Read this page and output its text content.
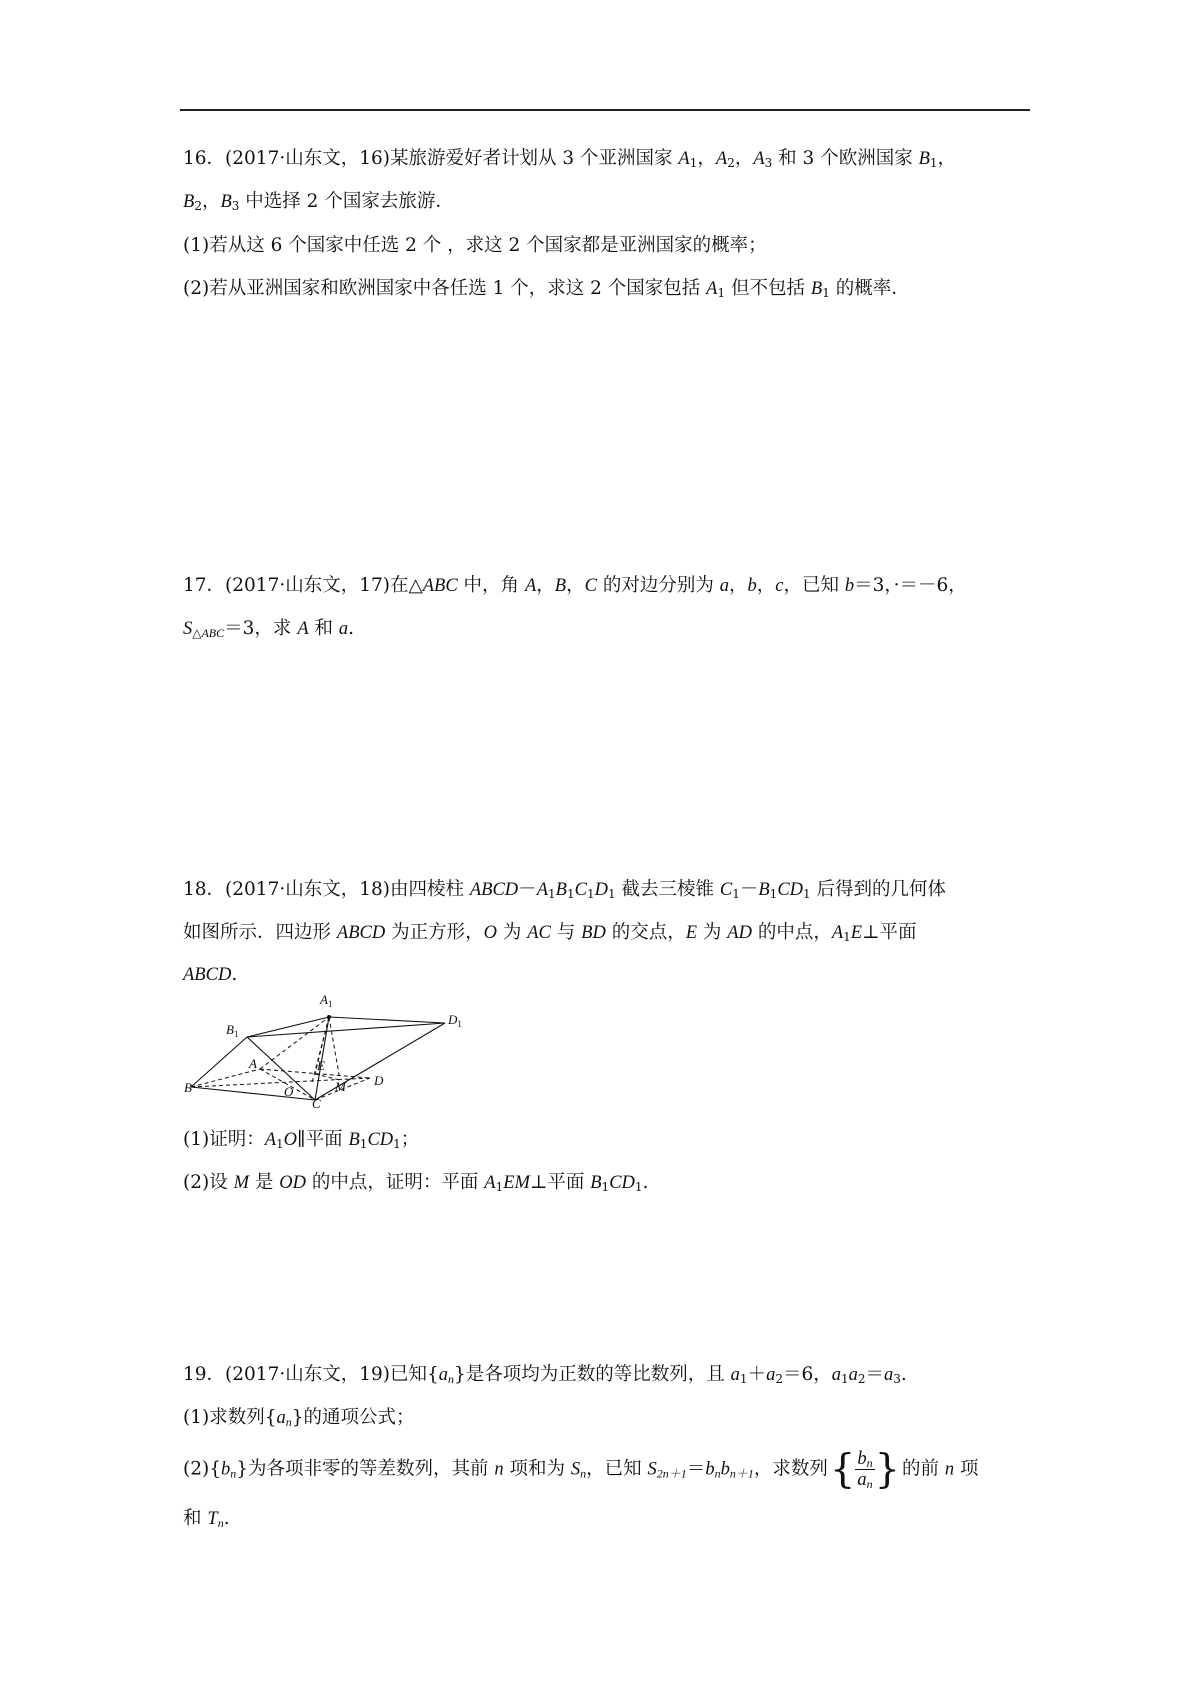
16．(2017·山东文，16)某旅游爱好者计划从 3 个亚洲国家 $A_1$，$A_2$，$A_3$ 和 3 个欧洲国家 $B_1$，
$B_2$，$B_3$ 中选择 2 个国家去旅游．
(1)若从这 6 个国家中任选 2 个 ，求这 2 个国家都是亚洲国家的概率；
(2)若从亚洲国家和欧洲国家中各任选 1 个，求这 2 个国家包括 $A_1$ 但不包括 $B_1$ 的概率．
17．(2017·山东文，17)在△ABC 中，角 A，B，C 的对边分别为 a，b，c，已知 b＝3，·＝－6，
$S_{\triangle ABC}=3$，求 A 和 a.
18．(2017·山东文，18)由四棱柱 $ABCD-A_1B_1C_1D_1$ 截去三棱锥 $C_1-B_1CD_1$ 后得到的几何体
如图所示．四边形 ABCD 为正方形，O 为 AC 与 BD 的交点，E 为 AD 的中点，$A_1E\perp$平面
ABCD.
$A_1$
$B_1$
$D_1$
A	E
B	O	M D
C
(1)证明：$A_1O\parallel$平面 $B_1CD_1$；
(2)设 M 是 OD 的中点，证明：平面 $A_1EM\perp$平面 $B_1CD_1$.
19．(2017·山东文，19)已知$\{a_n\}$是各项均为正数的等比数列，且 $a_1+a_2=6$，$a_1a_2=a_3$.
(1)求数列$\{a_n\}$的通项公式；
$(2)\{b_n\}$为各项非零的等差数列，其前 n 项和为 $S_n$，已知 $S_{2n+1}=b_nb_{n+1}$，求数列{ $\frac{b_n}{a_n}$ } 的前 n 项
和 $T_n$.
